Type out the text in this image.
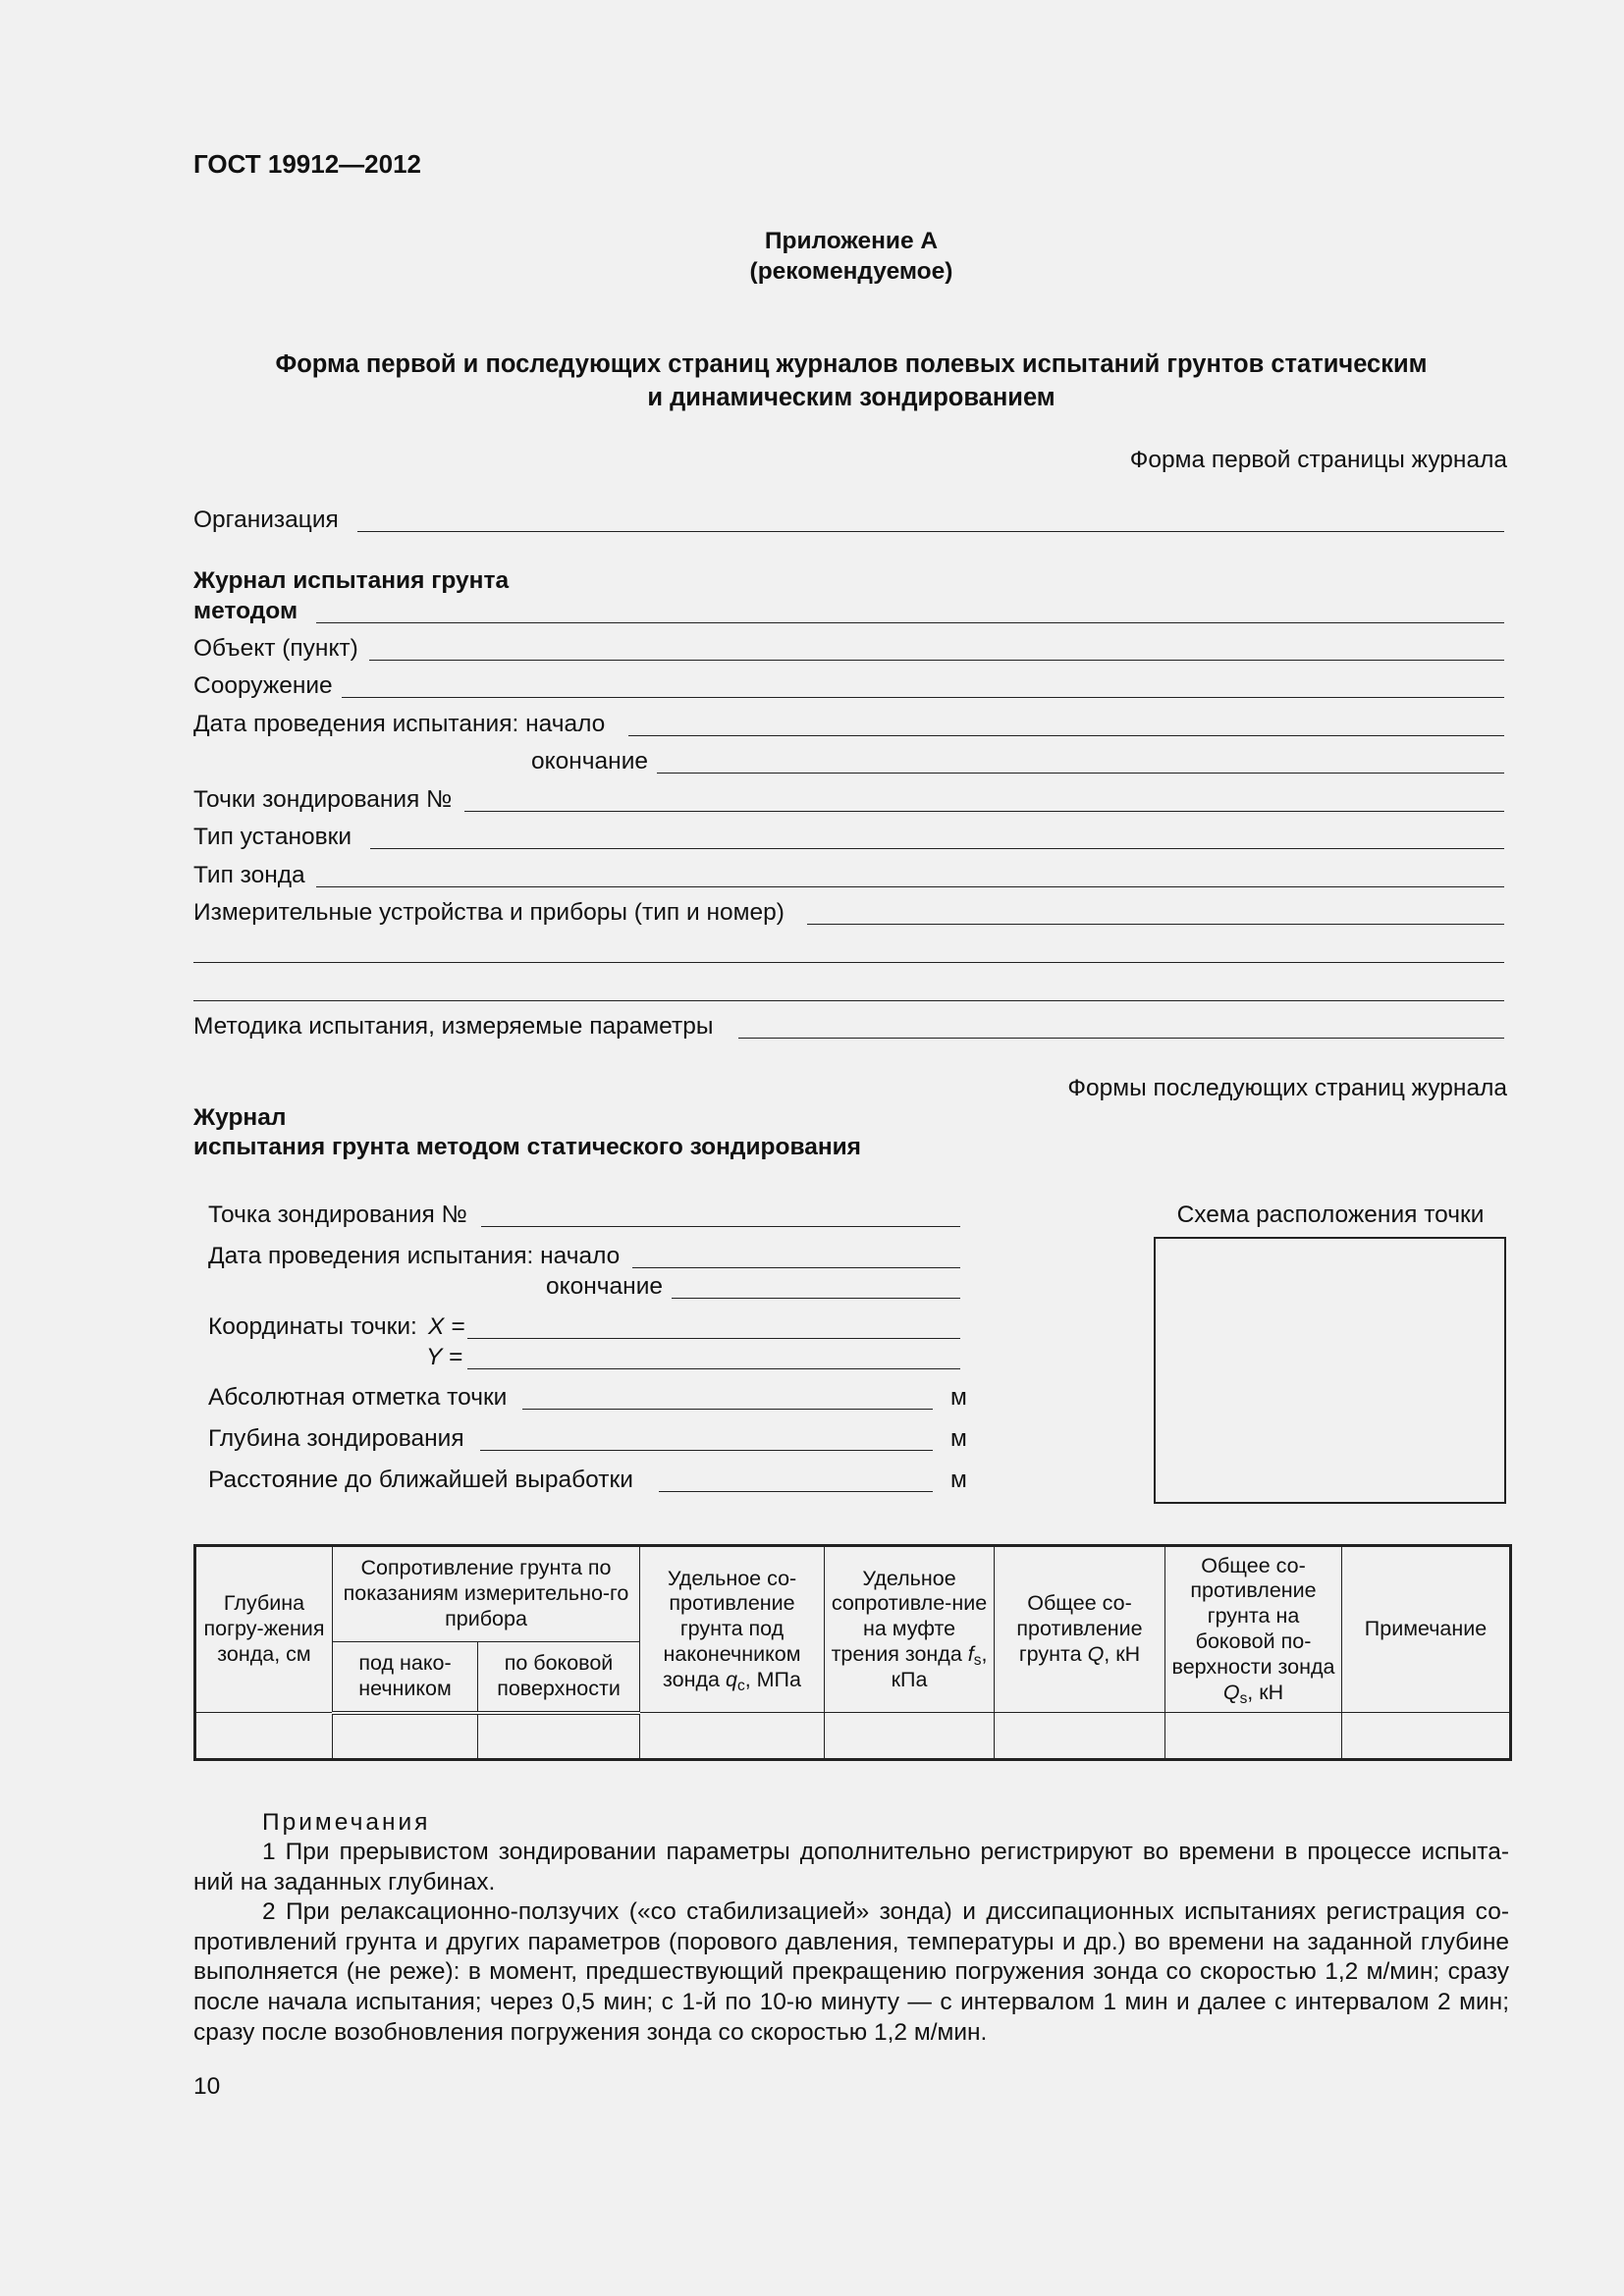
ГОСТ 19912—2012
Приложение А
(рекомендуемое)
Форма первой и последующих страниц журналов полевых испытаний грунтов статическим
и динамическим зондированием
Форма первой страницы журнала
Организация
Журнал испытания грунта
методом
Объект (пункт)
Сооружение
Дата проведения испытания: начало
окончание
Точки зондирования №
Тип установки
Тип зонда
Измерительные устройства и приборы (тип и номер)
Методика испытания, измеряемые параметры
Формы последующих страниц журнала
Журнал
испытания грунта методом статического зондирования
Точка зондирования №
Дата проведения испытания: начало
окончание
Координаты точки: X =
Y =
Абсолютная отметка точки	м
Глубина зондирования	м
Расстояние до ближайшей выработки	м
Схема расположения точки
Глубина погру-жения зонда, см	Сопротивление грунта по показаниям измерительно-го прибора		Удельное со-противление грунта под наконечником зонда $q_c$, МПа	Удельное сопротивле-ние на муфте трения зонда $f_s$, кПа	Общее со-противление грунта Q, кН	Общее со-противление грунта на боковой по-верхности зонда $Q_s$, кН	Примечание
	под нако-нечником	по боковой поверхности					

Примечания
1 При прерывистом зондировании параметры дополнительно регистрируют во времени в процессе испыта-ний на заданных глубинах.
2 При релаксационно-ползучих («со стабилизацией» зонда) и диссипационных испытаниях регистрация со-противлений грунта и других параметров (порового давления, температуры и др.) во времени на заданной глубине выполняется (не реже): в момент, предшествующий прекращению погружения зонда со скоростью 1,2 м/мин; сразу после начала испытания; через 0,5 мин; с 1-й по 10-ю минуту — с интервалом 1 мин и далее с интервалом 2 мин; сразу после возобновления погружения зонда со скоростью 1,2 м/мин.
10
